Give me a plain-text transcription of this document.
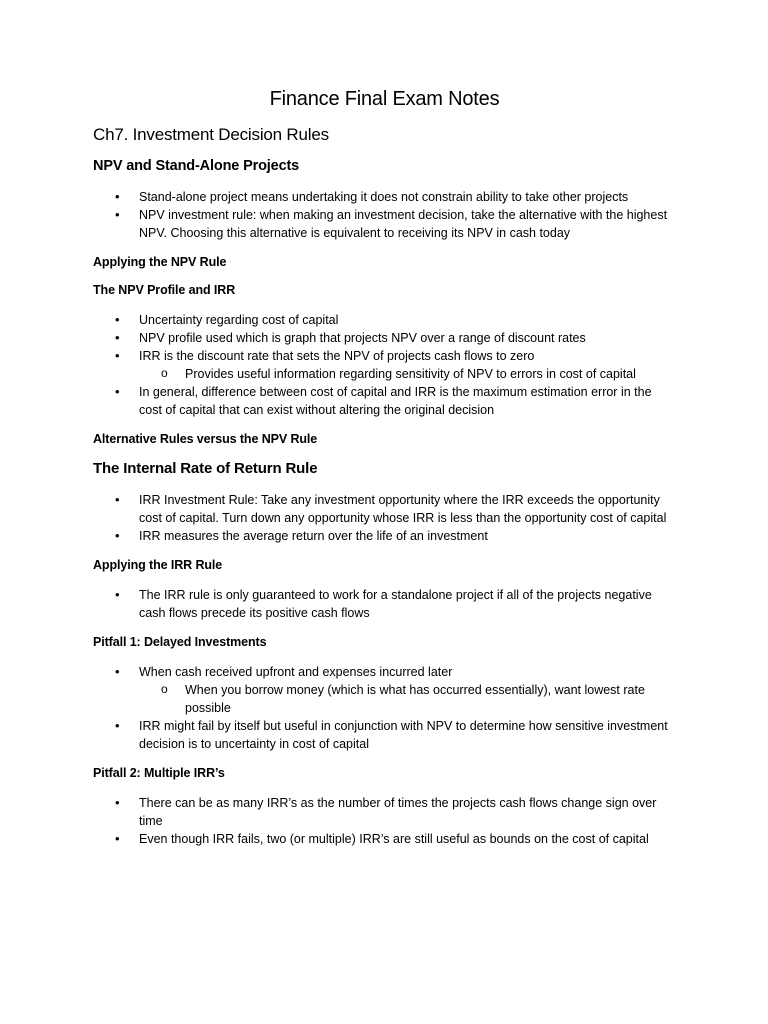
Finance Final Exam Notes
Ch7. Investment Decision Rules
NPV and Stand-Alone Projects
• Stand-alone project means undertaking it does not constrain ability to take other projects
• NPV investment rule: when making an investment decision, take the alternative with the highest NPV. Choosing this alternative is equivalent to receiving its NPV in cash today
Applying the NPV Rule
The NPV Profile and IRR
• Uncertainty regarding cost of capital
• NPV profile used which is graph that projects NPV over a range of discount rates
• IRR is the discount rate that sets the NPV of projects cash flows to zero
o Provides useful information regarding sensitivity of NPV to errors in cost of capital
• In general, difference between cost of capital and IRR is the maximum estimation error in the cost of capital that can exist without altering the original decision
Alternative Rules versus the NPV Rule
The Internal Rate of Return Rule
• IRR Investment Rule: Take any investment opportunity where the IRR exceeds the opportunity cost of capital. Turn down any opportunity whose IRR is less than the opportunity cost of capital
• IRR measures the average return over the life of an investment
Applying the IRR Rule
• The IRR rule is only guaranteed to work for a standalone project if all of the projects negative cash flows precede its positive cash flows
Pitfall 1: Delayed Investments
• When cash received upfront and expenses incurred later
o When you borrow money (which is what has occurred essentially), want lowest rate possible
• IRR might fail by itself but useful in conjunction with NPV to determine how sensitive investment decision is to uncertainty in cost of capital
Pitfall 2: Multiple IRR’s
• There can be as many IRR’s as the number of times the projects cash flows change sign over time
• Even though IRR fails, two (or multiple) IRR’s are still useful as bounds on the cost of capital
